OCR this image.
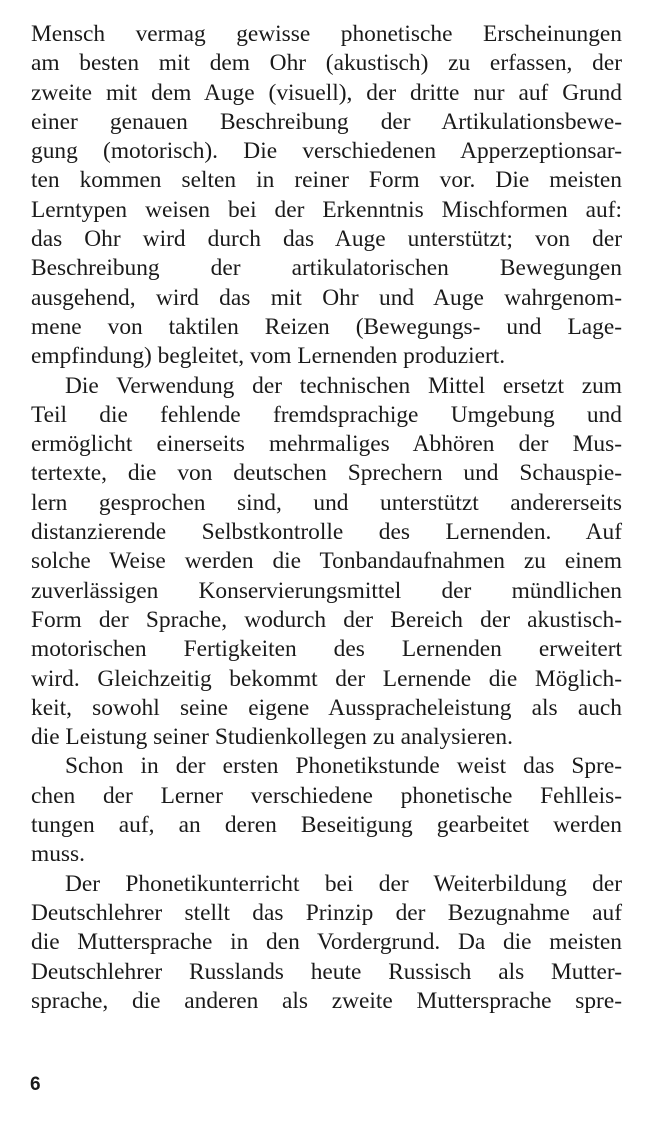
Mensch vermag gewisse phonetische Erscheinungen
am besten mit dem Ohr (akustisch) zu erfassen, der
zweite mit dem Auge (visuell), der dritte nur auf Grund
einer genauen Beschreibung der Artikulationsbewe-
gung (motorisch). Die verschiedenen Apperzeptionsar-
ten kommen selten in reiner Form vor. Die meisten
Lerntypen weisen bei der Erkenntnis Mischformen auf:
das Ohr wird durch das Auge unterstützt; von der
Beschreibung der artikulatorischen Bewegungen
ausgehend, wird das mit Ohr und Auge wahrgenom-
mene von taktilen Reizen (Bewegungs- und Lage-
empfindung) begleitet, vom Lernenden produziert.
Die Verwendung der technischen Mittel ersetzt zum
Teil die fehlende fremdsprachige Umgebung und
ermöglicht einerseits mehrmaliges Abhören der Mus-
tertexte, die von deutschen Sprechern und Schauspie-
lern gesprochen sind, und unterstützt andererseits
distanzierende Selbstkontrolle des Lernenden. Auf
solche Weise werden die Tonbandaufnahmen zu einem
zuverlässigen Konservierungsmittel der mündlichen
Form der Sprache, wodurch der Bereich der akustisch-
motorischen Fertigkeiten des Lernenden erweitert
wird. Gleichzeitig bekommt der Lernende die Möglich-
keit, sowohl seine eigene Ausspracheleistung als auch
die Leistung seiner Studienkollegen zu analysieren.
Schon in der ersten Phonetikstunde weist das Spre-
chen der Lerner verschiedene phonetische Fehlleis-
tungen auf, an deren Beseitigung gearbeitet werden
muss.
Der Phonetikunterricht bei der Weiterbildung der
Deutschlehrer stellt das Prinzip der Bezugnahme auf
die Muttersprache in den Vordergrund. Da die meisten
Deutschlehrer Russlands heute Russisch als Mutter-
sprache, die anderen als zweite Muttersprache spre-
6
